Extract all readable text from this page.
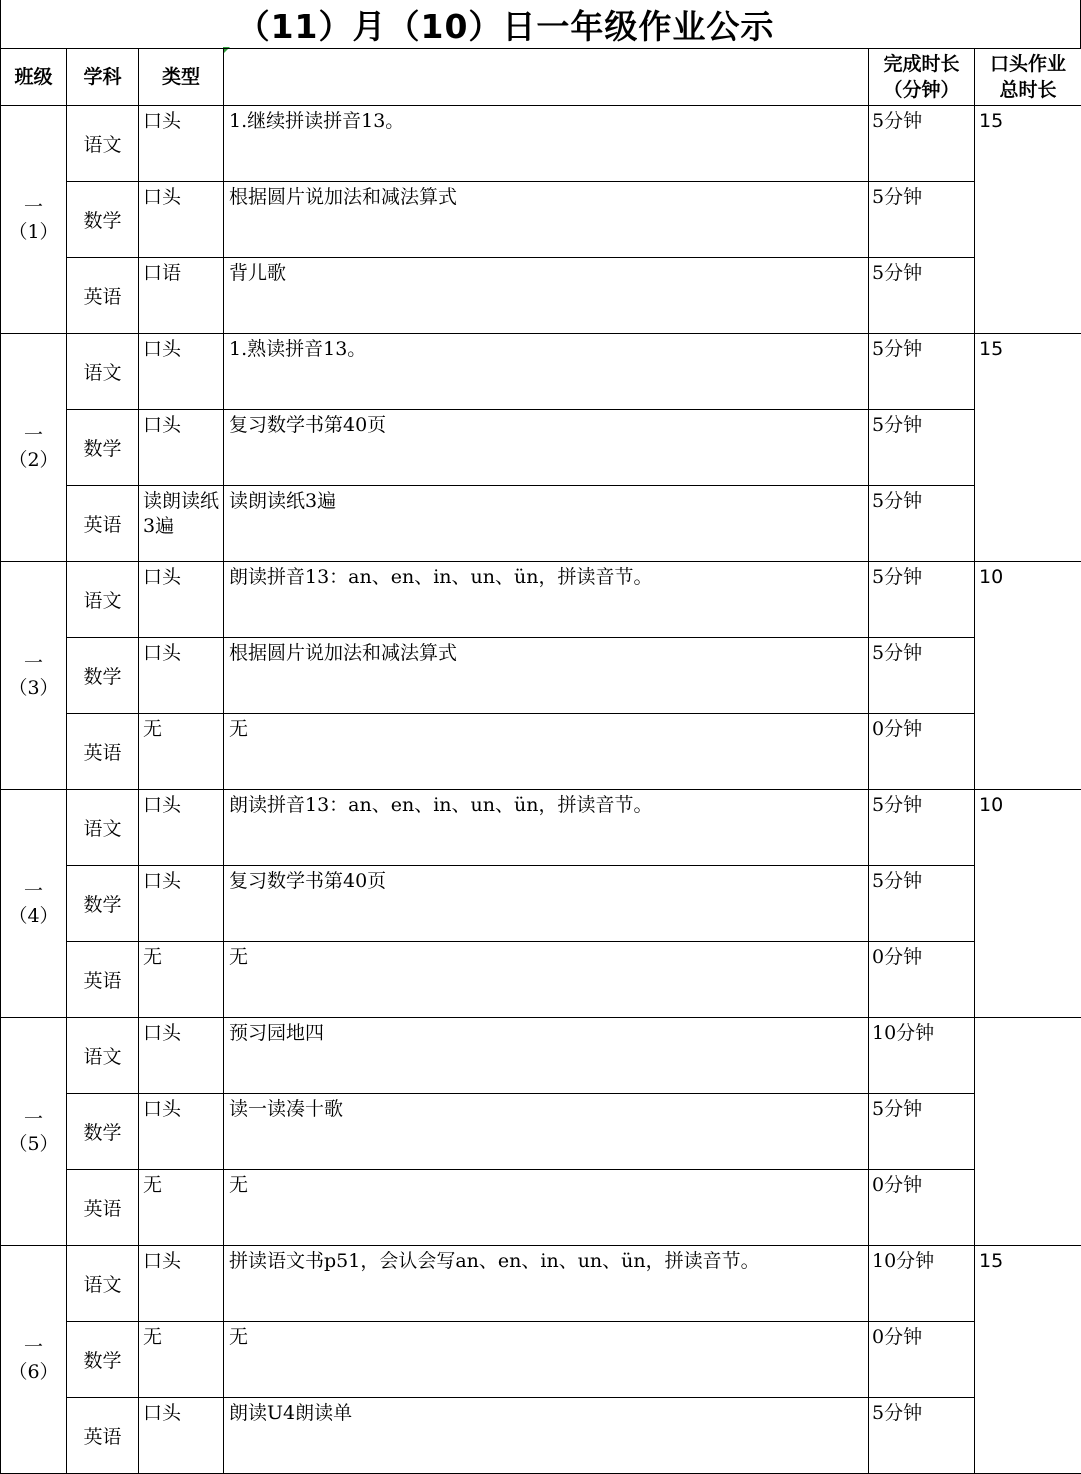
（11）月（10）日一年级作业公示
班级	学科	类型		完成时长（分钟）	口头作业总时长

一
（1）	语文	口头	1.继续拼读拼音13。	5分钟	15
	数学	口头	根据圆片说加法和减法算式	5分钟	
	英语	口语	背儿歌	5分钟	

一
（2）	语文	口头	1.熟读拼音13。	5分钟	15
	数学	口头	复习数学书第40页	5分钟	
	英语	读朗读纸3遍	读朗读纸3遍	5分钟	

一
（3）	语文	口头	朗读拼音13：an、en、in、un、ün，拼读音节。	5分钟	10
	数学	口头	根据圆片说加法和减法算式	5分钟	
	英语	无	无	0分钟	

一
（4）	语文	口头	朗读拼音13：an、en、in、un、ün，拼读音节。	5分钟	10
	数学	口头	复习数学书第40页	5分钟	
	英语	无	无	0分钟	

一
（5）	语文	口头	预习园地四	10分钟	
	数学	口头	读一读凑十歌	5分钟	
	英语	无	无	0分钟	

一
（6）	语文	口头	拼读语文书p51，会认会写an、en、in、un、ün，拼读音节。	10分钟	15
	数学	无	无	0分钟	
	英语	口头	朗读U4朗读单	5分钟	
